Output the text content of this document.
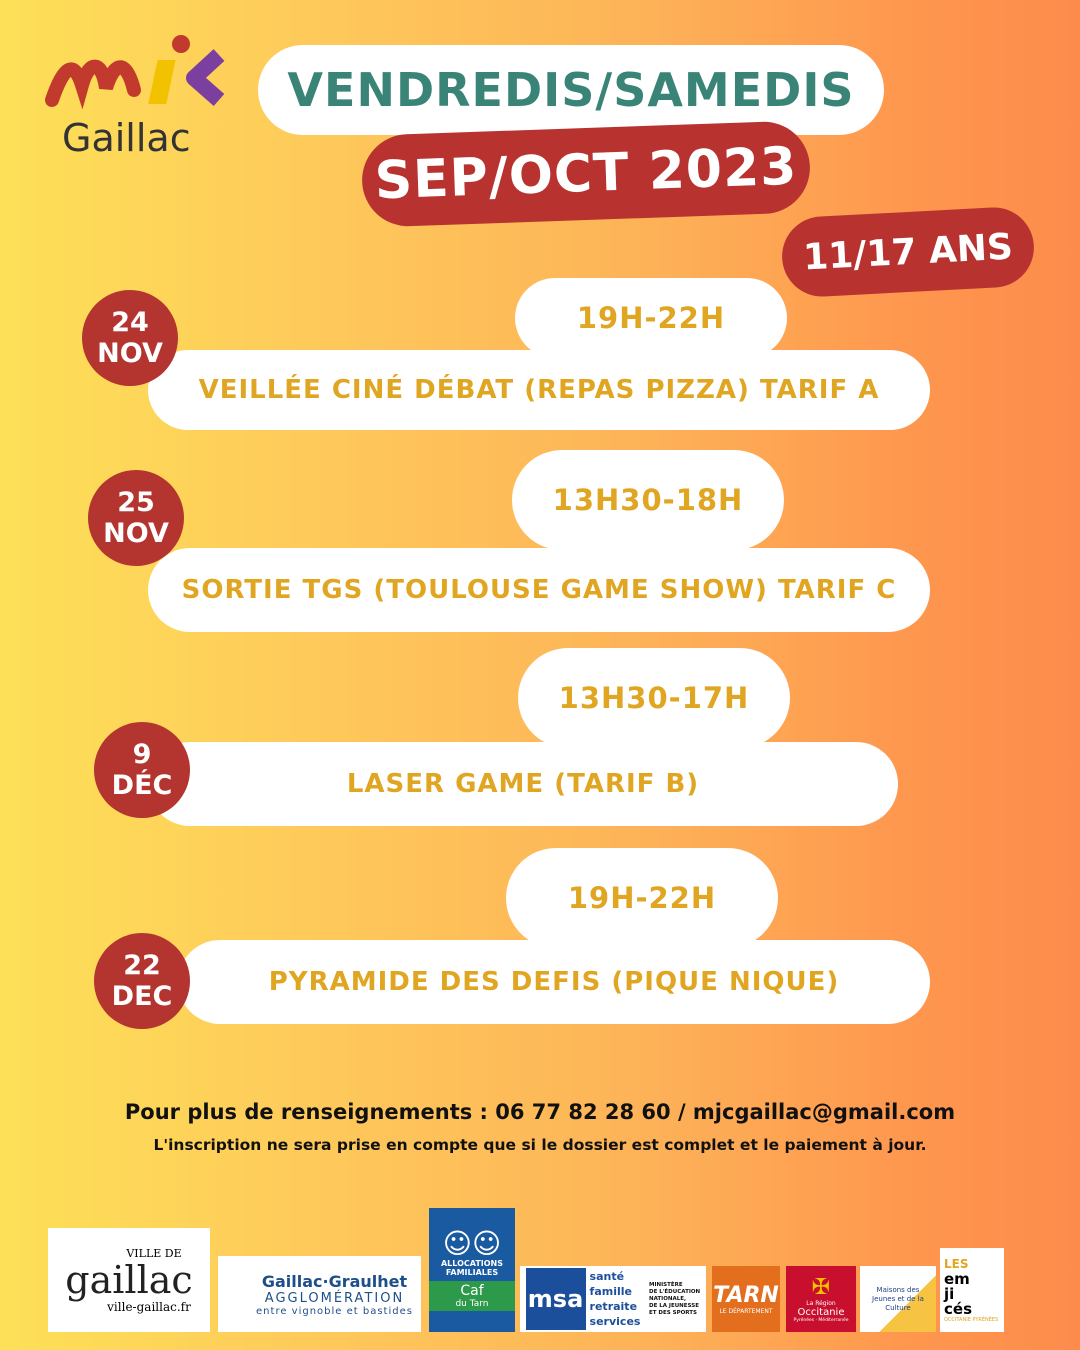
Gaillac
VENDREDIS/SAMEDIS
SEP/OCT 2023
11/17 ANS
19H-22H
VEILLÉE CINÉ DÉBAT (REPAS PIZZA) TARIF A
24
NOV
13H30-18H
SORTIE TGS (TOULOUSE GAME SHOW) TARIF C
25
NOV
13H30-17H
LASER GAME (TARIF B)
9
DÉC
19H-22H
PYRAMIDE DES DEFIS (PIQUE NIQUE)
22
DEC
Pour plus de renseignements : 06 77 82 28 60 / mjcgaillac@gmail.com
L'inscription ne sera prise en compte que si le dossier est complet et le paiement à jour.
VILLE DE
gaillac
ville-gaillac.fr
Gaillac·Graulhet
AGGLOMÉRATION
entre vignoble et bastides
☺☺
ALLOCATIONS
FAMILIALES
Caf
du Tarn	msa
santé
famille
retraite
services
MINISTÈRE
DE L'ÉDUCATION
NATIONALE,
DE LA JEUNESSE
ET DES SPORTS
TARN
LE DÉPARTEMENT
✠
La Région
Occitanie
Pyrénées · Méditerranée
Maisons des
Jeunes et de la
Culture
LES
em
ji
cés
OCCITANIE PYRÉNÉES
